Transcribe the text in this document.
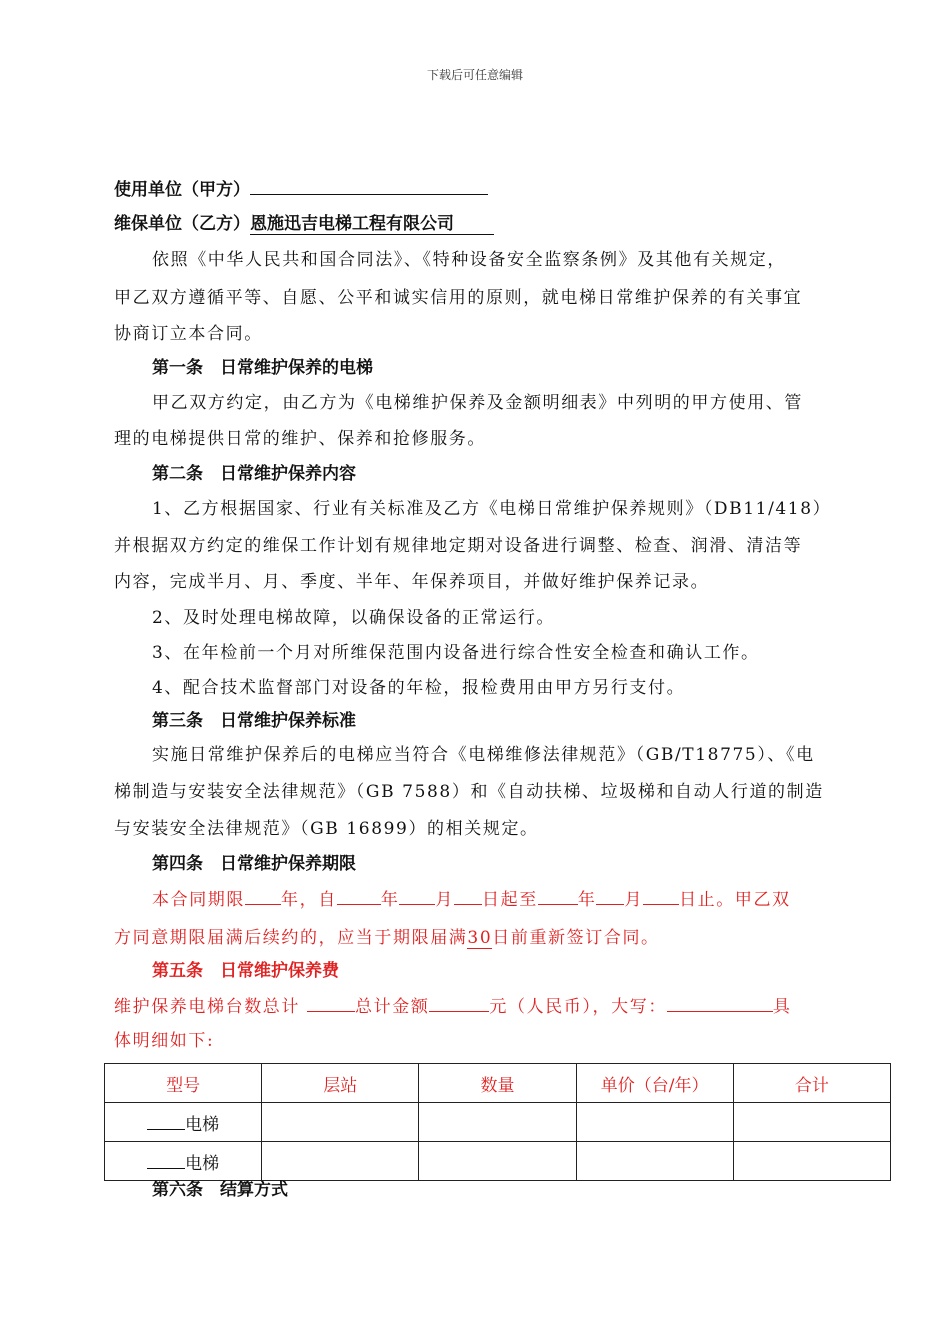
下载后可任意编辑
使用单位（甲方）
维保单位（乙方）恩施迅吉电梯工程有限公司
依照《中华人民共和国合同法》、《特种设备安全监察条例》及其他有关规定，
甲乙双方遵循平等、自愿、公平和诚实信用的原则，就电梯日常维护保养的有关事宜
协商订立本合同。
第一条　日常维护保养的电梯
甲乙双方约定，由乙方为《电梯维护保养及金额明细表》中列明的甲方使用、管
理的电梯提供日常的维护、保养和抢修服务。
第二条　日常维护保养内容
1、乙方根据国家、行业有关标准及乙方《电梯日常维护保养规则》（DB11/418）
并根据双方约定的维保工作计划有规律地定期对设备进行调整、检查、润滑、清洁等
内容，完成半月、月、季度、半年、年保养项目，并做好维护保养记录。
2、及时处理电梯故障，以确保设备的正常运行。
3、在年检前一个月对所维保范围内设备进行综合性安全检查和确认工作。
4、配合技术监督部门对设备的年检，报检费用由甲方另行支付。
第三条　日常维护保养标准
实施日常维护保养后的电梯应当符合《电梯维修法律规范》（GB/T18775）、《电
梯制造与安装安全法律规范》（GB 7588）和《自动扶梯、垃圾梯和自动人行道的制造
与安装安全法律规范》（GB 16899）的相关规定。
第四条　日常维护保养期限
本合同期限 年，自	年 月 日起至 年 月 日止。甲乙双
方同意期限届满后续约的，应当于期限届满30日前重新签订合同。
第五条　日常维护保养费
维护保养电梯台数总计	总计金额	元（人民币），大写：	具
体明细如下:
型号	层站	数量	单价（台/年）	合计
电梯				
电梯				
第六条　结算方式
